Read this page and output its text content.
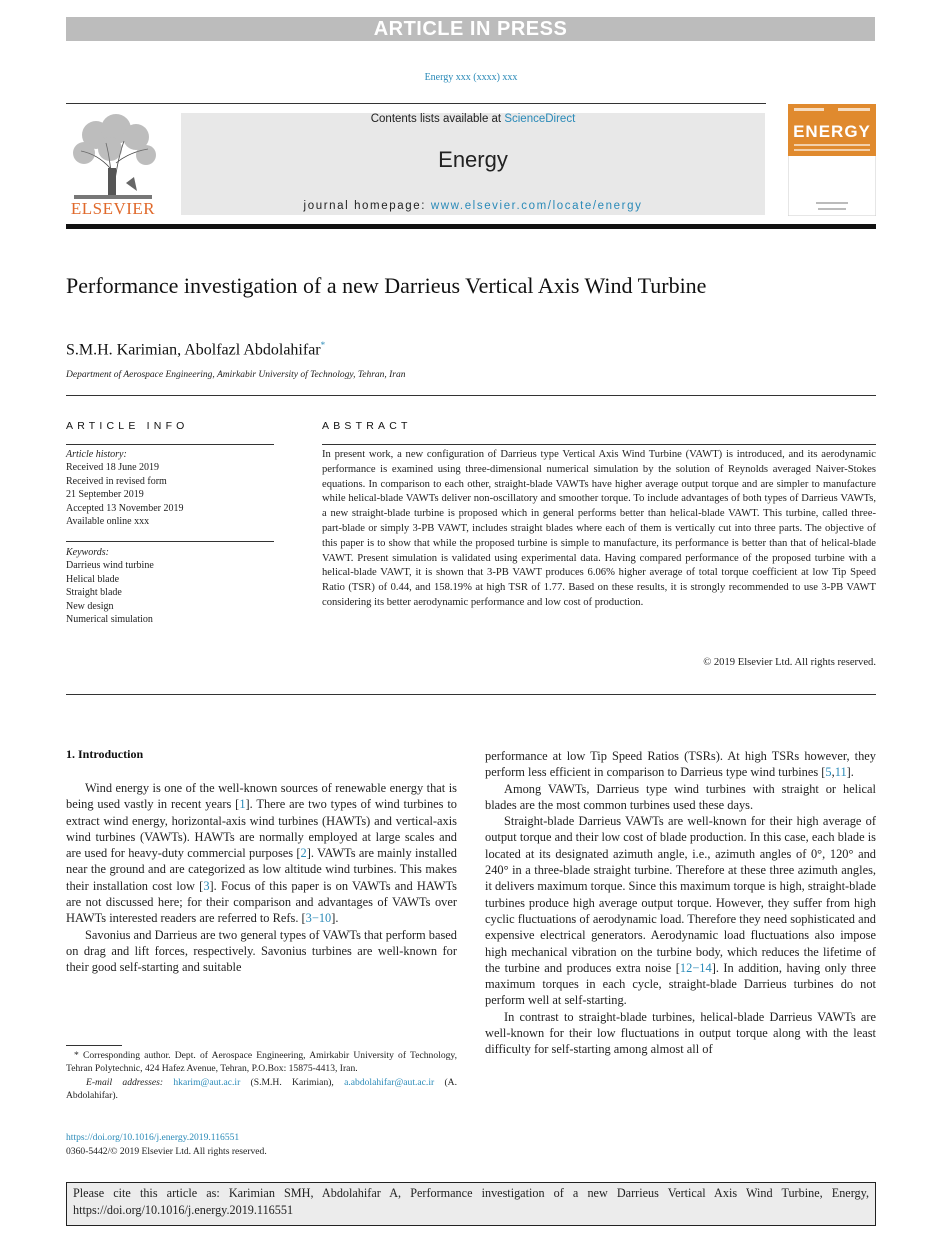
ARTICLE IN PRESS
Energy xxx (xxxx) xxx
ELSEVIER
Contents lists available at ScienceDirect
Energy
journal homepage: www.elsevier.com/locate/energy
ENERGY
Performance investigation of a new Darrieus Vertical Axis Wind Turbine
S.M.H. Karimian, Abolfazl Abdolahifar*
Department of Aerospace Engineering, Amirkabir University of Technology, Tehran, Iran
ARTICLE INFO
Article history:
Received 18 June 2019
Received in revised form
21 September 2019
Accepted 13 November 2019
Available online xxx
Keywords:
Darrieus wind turbine
Helical blade
Straight blade
New design
Numerical simulation
ABSTRACT
In present work, a new configuration of Darrieus type Vertical Axis Wind Turbine (VAWT) is introduced, and its aerodynamic performance is examined using three-dimensional numerical simulation by the solution of Reynolds averaged Naiver-Stokes equations. In comparison to each other, straight-blade VAWTs have higher average output torque and are simpler to manufacture while helical-blade VAWTs deliver non-oscillatory and smoother torque. To include advantages of both types of Darrieus VAWTs, a new straight-blade turbine is proposed which in general performs better than helical-blade VAWT. This turbine, called three-part-blade or simply 3-PB VAWT, includes straight blades where each of them is vertically cut into three parts. The objective of this paper is to show that while the proposed turbine is simple to manufacture, its performance is better than that of helical-blade VAWT. Present simulation is validated using experimental data. Having compared performance of the proposed turbine with a helical-blade VAWT, it is shown that 3-PB VAWT produces 6.06% higher average of total torque coefficient at low Tip Speed Ratio (TSR) of 0.44, and 158.19% at high TSR of 1.77. Based on these results, it is strongly recommended to use 3-PB VAWT considering its better aerodynamic performance and low cost of production.
© 2019 Elsevier Ltd. All rights reserved.
1. Introduction

Wind energy is one of the well-known sources of renewable energy that is being used vastly in recent years [1]. There are two types of wind turbines to extract wind energy, horizontal-axis wind turbines (HAWTs) and vertical-axis wind turbines (VAWTs). HAWTs are normally employed at large scales and are used for heavy-duty commercial purposes [2]. VAWTs are mainly installed near the ground and are categorized as low altitude wind turbines. This makes their installation cost low [3]. Focus of this paper is on VAWTs and HAWTs are not discussed here; for their comparison and advantages of VAWTs over HAWTs interested readers are referred to Refs. [3−10].

Savonius and Darrieus are two general types of VAWTs that perform based on drag and lift forces, respectively. Savonius turbines are well-known for their good self-starting and suitable

performance at low Tip Speed Ratios (TSRs). At high TSRs however, they perform less efficient in comparison to Darrieus type wind turbines [5,11].

Among VAWTs, Darrieus type wind turbines with straight or helical blades are the most common turbines used these days.

Straight-blade Darrieus VAWTs are well-known for their high average of output torque and their low cost of blade production. In this case, each blade is located at its designated azimuth angle, i.e., azimuth angles of 0°, 120° and 240° in a three-blade straight turbine. Therefore at these three azimuth angles, it delivers maximum torque. Since this maximum torque is high, straight-blade turbines produce high average output torque. However, they suffer from high cyclic fluctuations of aerodynamic load. Therefore they need sophisticated and expensive electrical generators. Aerodynamic load fluctuations also impose high mechanical vibration on the turbine body, which reduces the lifetime of the turbine and produces extra noise [12−14]. In addition, having only three maximum torques in each cycle, straight-blade Darrieus turbines do not perform well at self-starting.

In contrast to straight-blade turbines, helical-blade Darrieus VAWTs are well-known for their low fluctuations in output torque along with the least difficulty for self-starting among almost all of

* Corresponding author. Dept. of Aerospace Engineering, Amirkabir University of Technology, Tehran Polytechnic, 424 Hafez Avenue, Tehran, P.O.Box: 15875-4413, Iran.
E-mail addresses: hkarim@aut.ac.ir (S.M.H. Karimian), a.abdolahifar@aut.ac.ir (A. Abdolahifar).
https://doi.org/10.1016/j.energy.2019.116551
0360-5442/© 2019 Elsevier Ltd. All rights reserved.
Please cite this article as: Karimian SMH, Abdolahifar A, Performance investigation of a new Darrieus Vertical Axis Wind Turbine, Energy, https://doi.org/10.1016/j.energy.2019.116551
